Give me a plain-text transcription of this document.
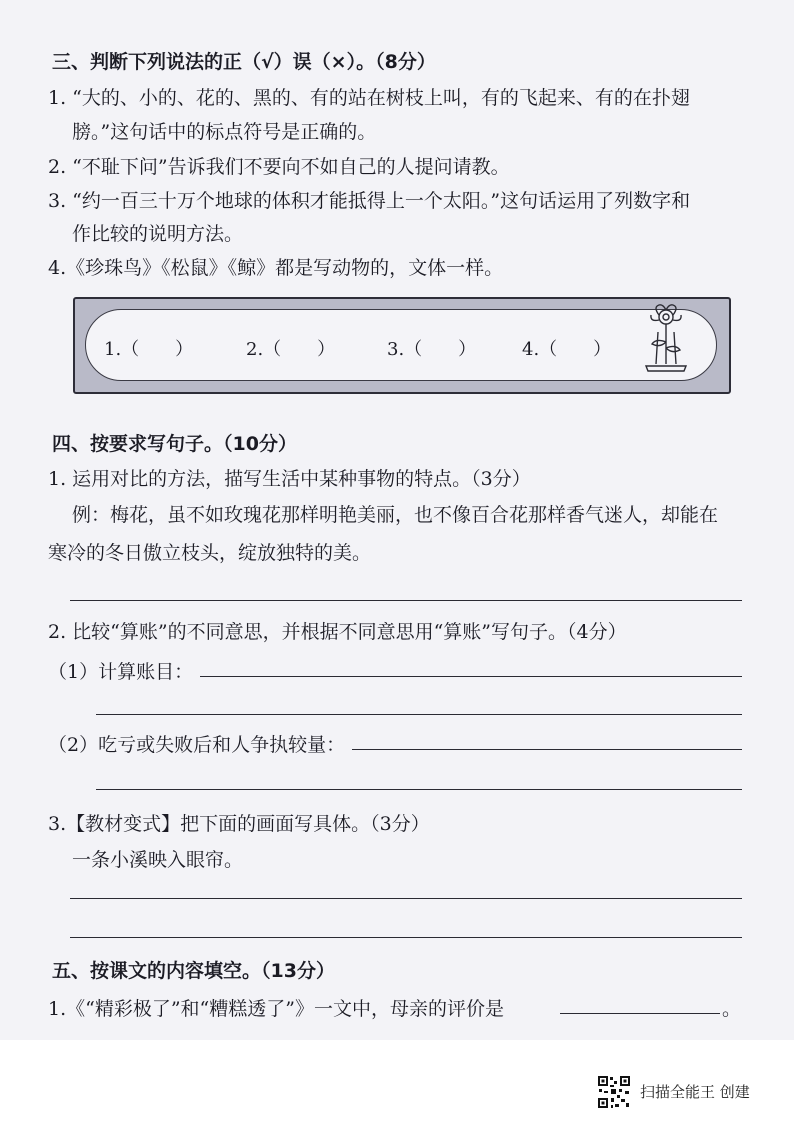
三、判断下列说法的正（√）误（×）。（8分）
1. “大的、小的、花的、黑的、有的站在树枝上叫，有的飞起来、有的在扑翅
膀。”这句话中的标点符号是正确的。
2. “不耻下问”告诉我们不要向不如自己的人提问请教。
3. “约一百三十万个地球的体积才能抵得上一个太阳。”这句话运用了列数字和
作比较的说明方法。
4.《珍珠鸟》《松鼠》《鲸》都是写动物的，文体一样。
1.（　　）	2.（　　）	3.（　　）	4.（　　）
四、按要求写句子。（10分）
1. 运用对比的方法，描写生活中某种事物的特点。（3分）
例：梅花，虽不如玫瑰花那样明艳美丽，也不像百合花那样香气迷人，却能在
寒冷的冬日傲立枝头，绽放独特的美。
2. 比较“算账”的不同意思，并根据不同意思用“算账”写句子。（4分）
（1）计算账目：
（2）吃亏或失败后和人争执较量：
3.【教材变式】把下面的画面写具体。（3分）
一条小溪映入眼帘。
五、按课文的内容填空。（13分）
1.《“精彩极了”和“糟糕透了”》一文中，母亲的评价是	。
扫描全能王 创建
